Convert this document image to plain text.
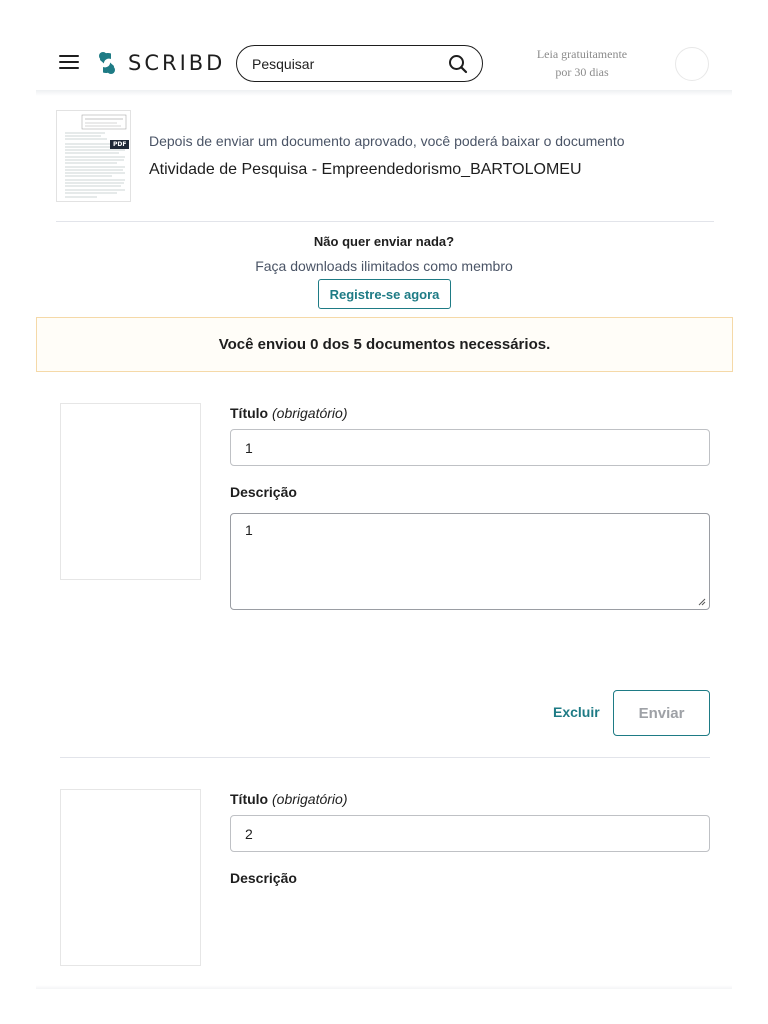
SCRIBD
Pesquisar	Leia gratuitamente
por 30 dias
PDF Depois de enviar um documento aprovado, você poderá baixar o documento
Atividade de Pesquisa - Empreendedorismo_BARTOLOMEU
Não quer enviar nada?
Faça downloads ilimitados como membro
Registre-se agora
Você enviou 0 dos 5 documentos necessários.
Título (obrigatório)
1
Descrição
1
Excluir	Enviar
Título (obrigatório)
2
Descrição
